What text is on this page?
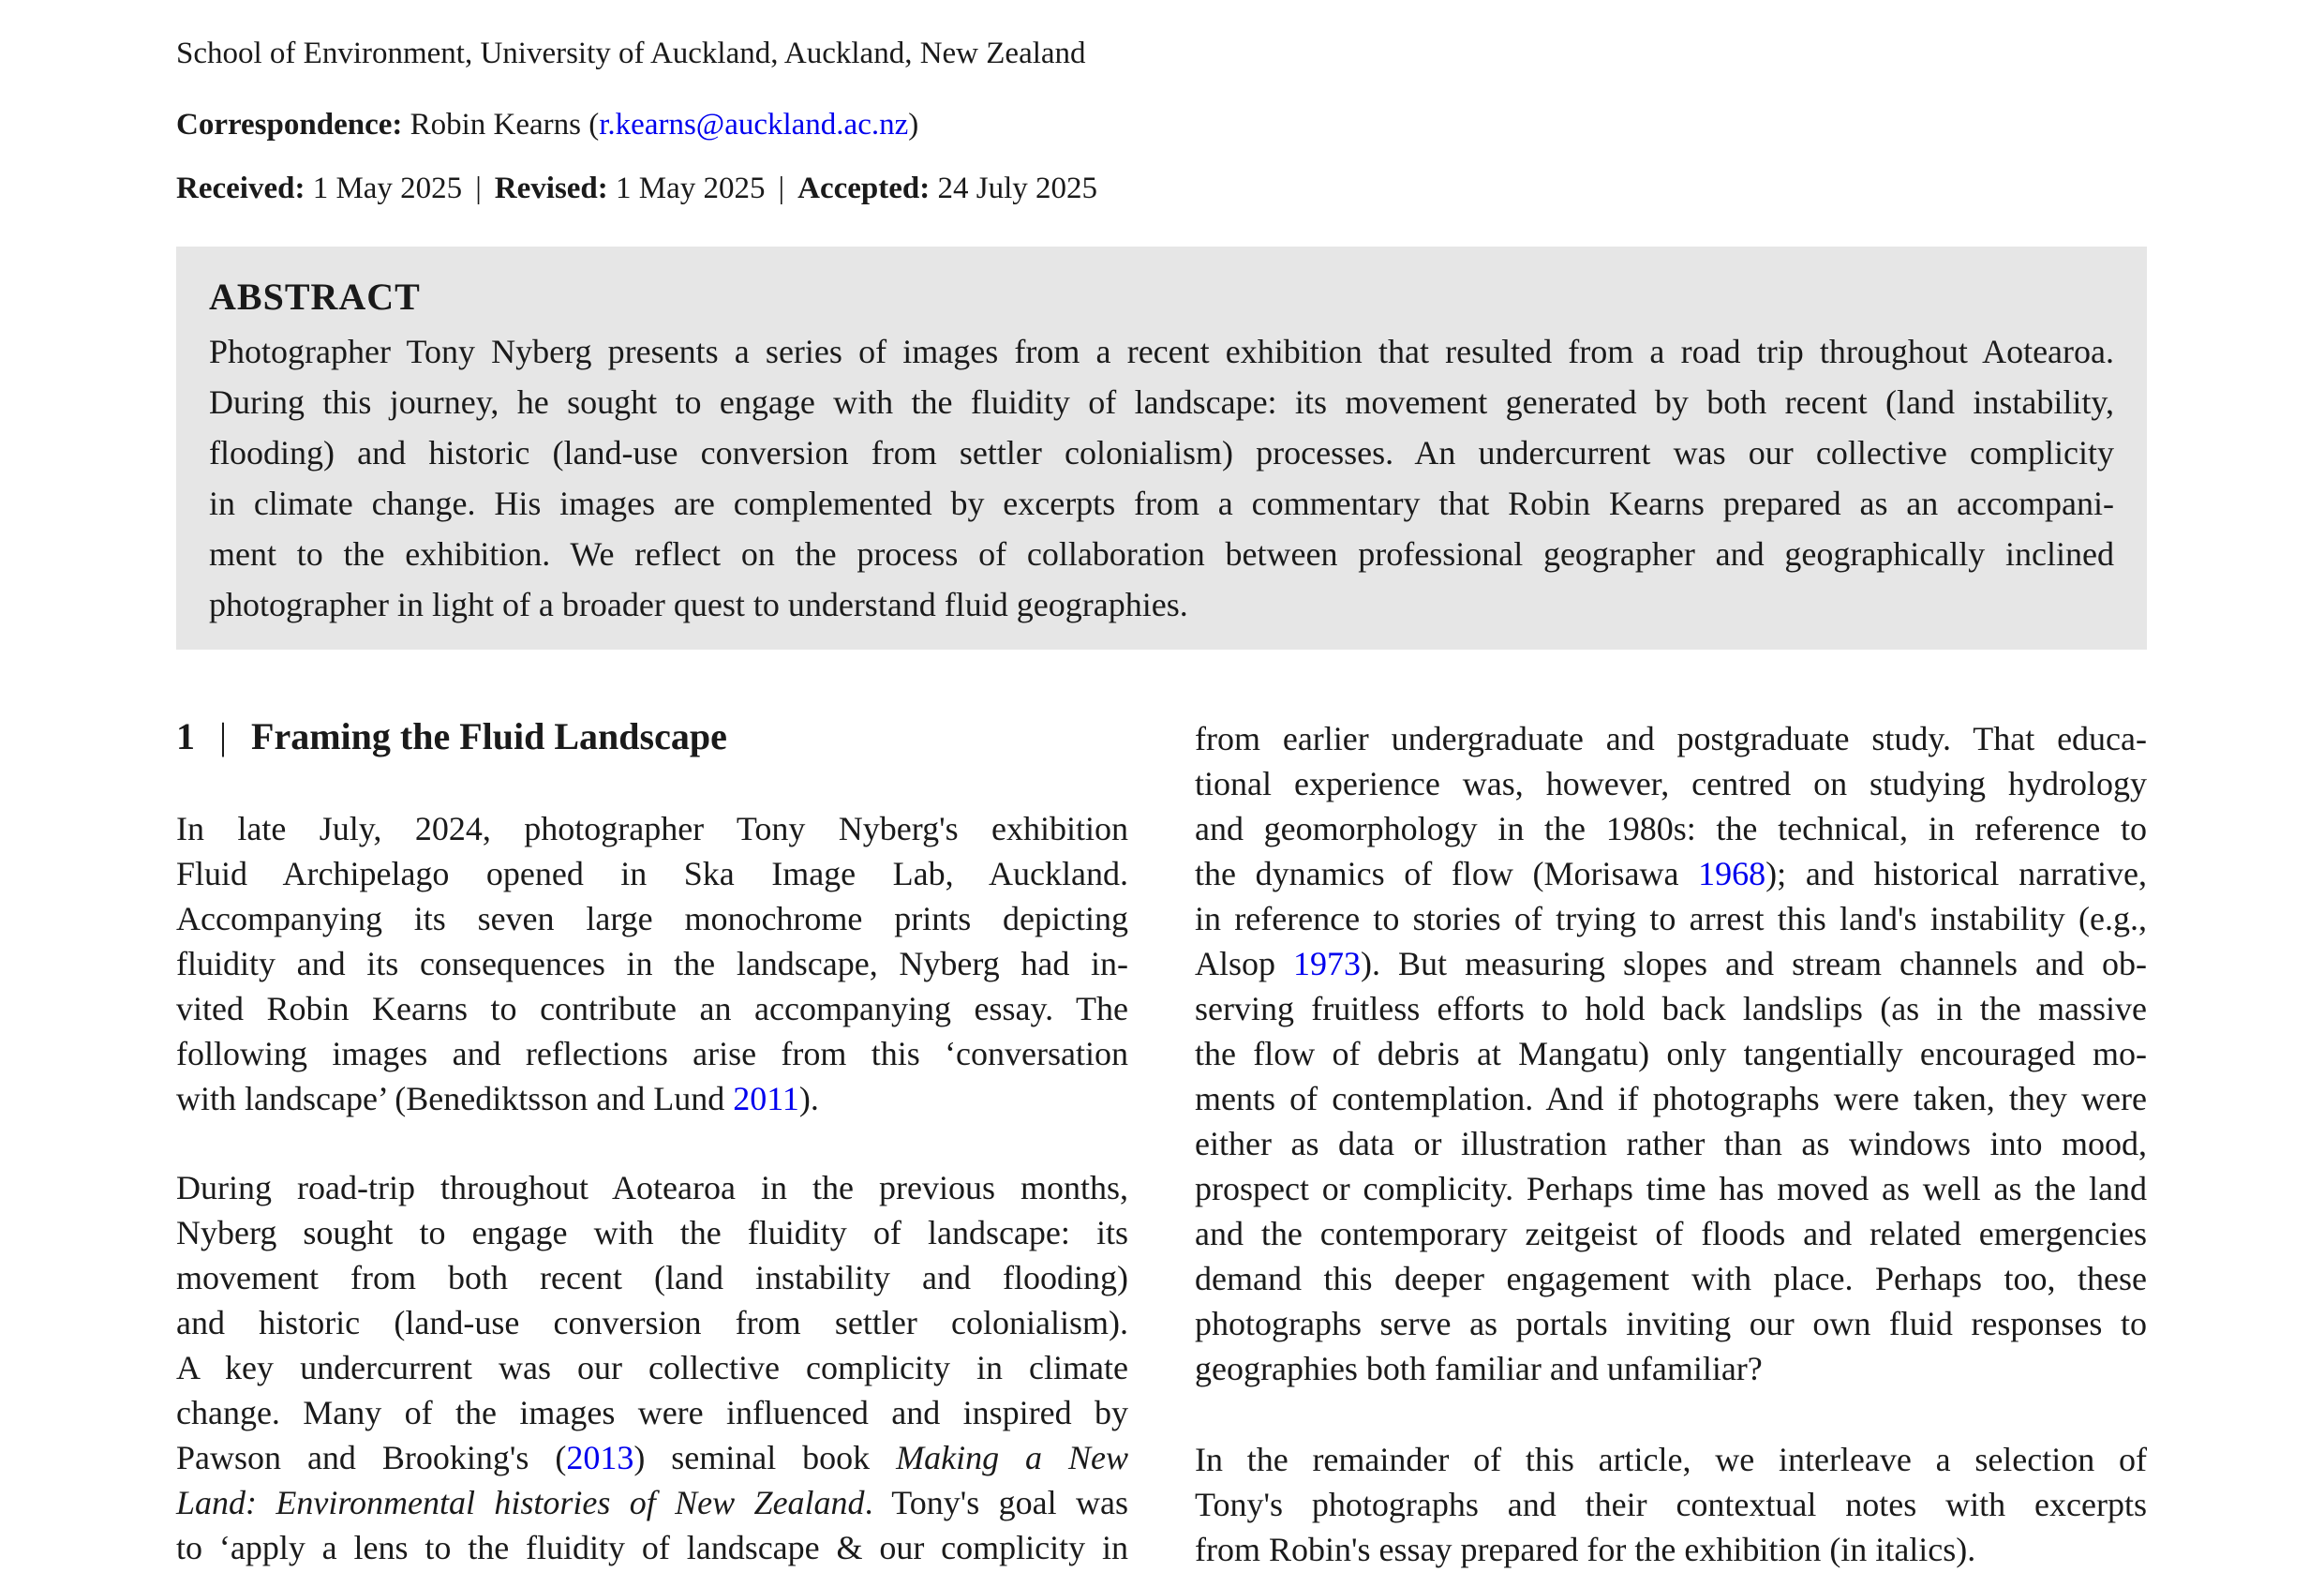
School of Environment, University of Auckland, Auckland, New Zealand
Correspondence: Robin Kearns (r.kearns@auckland.ac.nz)
Received: 1 May 2025 | Revised: 1 May 2025 | Accepted: 24 July 2025
ABSTRACT
Photographer Tony Nyberg presents a series of images from a recent exhibition that resulted from a road trip throughout Aotearoa.
During this journey, he sought to engage with the fluidity of landscape: its movement generated by both recent (land instability,
flooding) and historic (land-use conversion from settler colonialism) processes. An undercurrent was our collective complicity
in climate change. His images are complemented by excerpts from a commentary that Robin Kearns prepared as an accompani-
ment to the exhibition. We reflect on the process of collaboration between professional geographer and geographically inclined
photographer in light of a broader quest to understand fluid geographies.
1 | Framing the Fluid Landscape
In late July, 2024, photographer Tony Nyberg's exhibition
Fluid Archipelago opened in Ska Image Lab, Auckland.
Accompanying its seven large monochrome prints depicting
fluidity and its consequences in the landscape, Nyberg had in-
vited Robin Kearns to contribute an accompanying essay. The
following images and reflections arise from this ‘conversation
with landscape’ (Benediktsson and Lund 2011).
During road-trip throughout Aotearoa in the previous months,
Nyberg sought to engage with the fluidity of landscape: its
movement from both recent (land instability and flooding)
and historic (land-use conversion from settler colonialism).
A key undercurrent was our collective complicity in climate
change. Many of the images were influenced and inspired by
Pawson and Brooking's (2013) seminal book Making a New
Land: Environmental histories of New Zealand. Tony's goal was
to ‘apply a lens to the fluidity of landscape & our complicity in
from earlier undergraduate and postgraduate study. That educa-
tional experience was, however, centred on studying hydrology
and geomorphology in the 1980s: the technical, in reference to
the dynamics of flow (Morisawa 1968); and historical narrative,
in reference to stories of trying to arrest this land's instability (e.g.,
Alsop 1973). But measuring slopes and stream channels and ob-
serving fruitless efforts to hold back landslips (as in the massive
the flow of debris at Mangatu) only tangentially encouraged mo-
ments of contemplation. And if photographs were taken, they were
either as data or illustration rather than as windows into mood,
prospect or complicity. Perhaps time has moved as well as the land
and the contemporary zeitgeist of floods and related emergencies
demand this deeper engagement with place. Perhaps too, these
photographs serve as portals inviting our own fluid responses to
geographies both familiar and unfamiliar?
In the remainder of this article, we interleave a selection of
Tony's photographs and their contextual notes with excerpts
from Robin's essay prepared for the exhibition (in italics).
